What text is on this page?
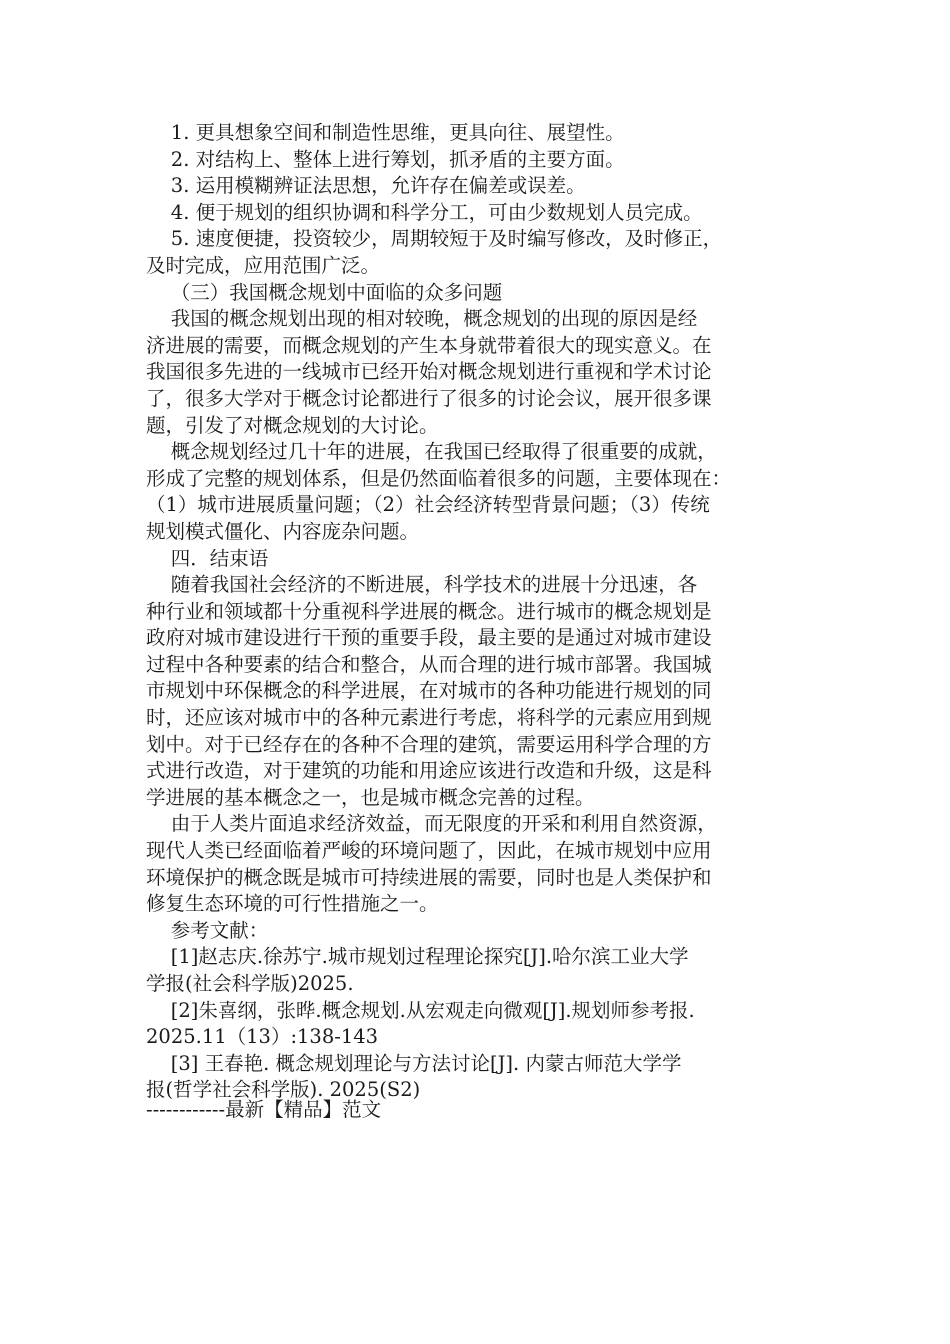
1. 更具想象空间和制造性思维，更具向往、展望性。
2. 对结构上、整体上进行筹划，抓矛盾的主要方面。
3. 运用模糊辨证法思想，允许存在偏差或误差。
4. 便于规划的组织协调和科学分工，可由少数规划人员完成。
5. 速度便捷，投资较少，周期较短于及时编写修改，及时修正，
及时完成，应用范围广泛。
（三）我国概念规划中面临的众多问题
我国的概念规划出现的相对较晚，概念规划的出现的原因是经
济进展的需要，而概念规划的产生本身就带着很大的现实意义。在
我国很多先进的一线城市已经开始对概念规划进行重视和学术讨论
了，很多大学对于概念讨论都进行了很多的讨论会议，展开很多课
题，引发了对概念规划的大讨论。
概念规划经过几十年的进展，在我国已经取得了很重要的成就，
形成了完整的规划体系，但是仍然面临着很多的问题，主要体现在：
（1）城市进展质量问题；（2）社会经济转型背景问题；（3）传统
规划模式僵化、内容庞杂问题。
四．结束语
随着我国社会经济的不断进展，科学技术的进展十分迅速，各
种行业和领域都十分重视科学进展的概念。进行城市的概念规划是
政府对城市建设进行干预的重要手段，最主要的是通过对城市建设
过程中各种要素的结合和整合，从而合理的进行城市部署。我国城
市规划中环保概念的科学进展，在对城市的各种功能进行规划的同
时，还应该对城市中的各种元素进行考虑，将科学的元素应用到规
划中。对于已经存在的各种不合理的建筑，需要运用科学合理的方
式进行改造，对于建筑的功能和用途应该进行改造和升级，这是科
学进展的基本概念之一，也是城市概念完善的过程。
由于人类片面追求经济效益，而无限度的开采和利用自然资源，
现代人类已经面临着严峻的环境问题了，因此，在城市规划中应用
环境保护的概念既是城市可持续进展的需要，同时也是人类保护和
修复生态环境的可行性措施之一。
参考文献：
[1]赵志庆.徐苏宁.城市规划过程理论探究[J].哈尔滨工业大学
学报(社会科学版)2025.
[2]朱喜纲，张晔.概念规划.从宏观走向微观[J].规划师参考报.
2025.11（13）:138-143
[3] 王春艳. 概念规划理论与方法讨论[J]. 内蒙古师范大学学
报(哲学社会科学版). 2025(S2)
------------最新【精品】范文
